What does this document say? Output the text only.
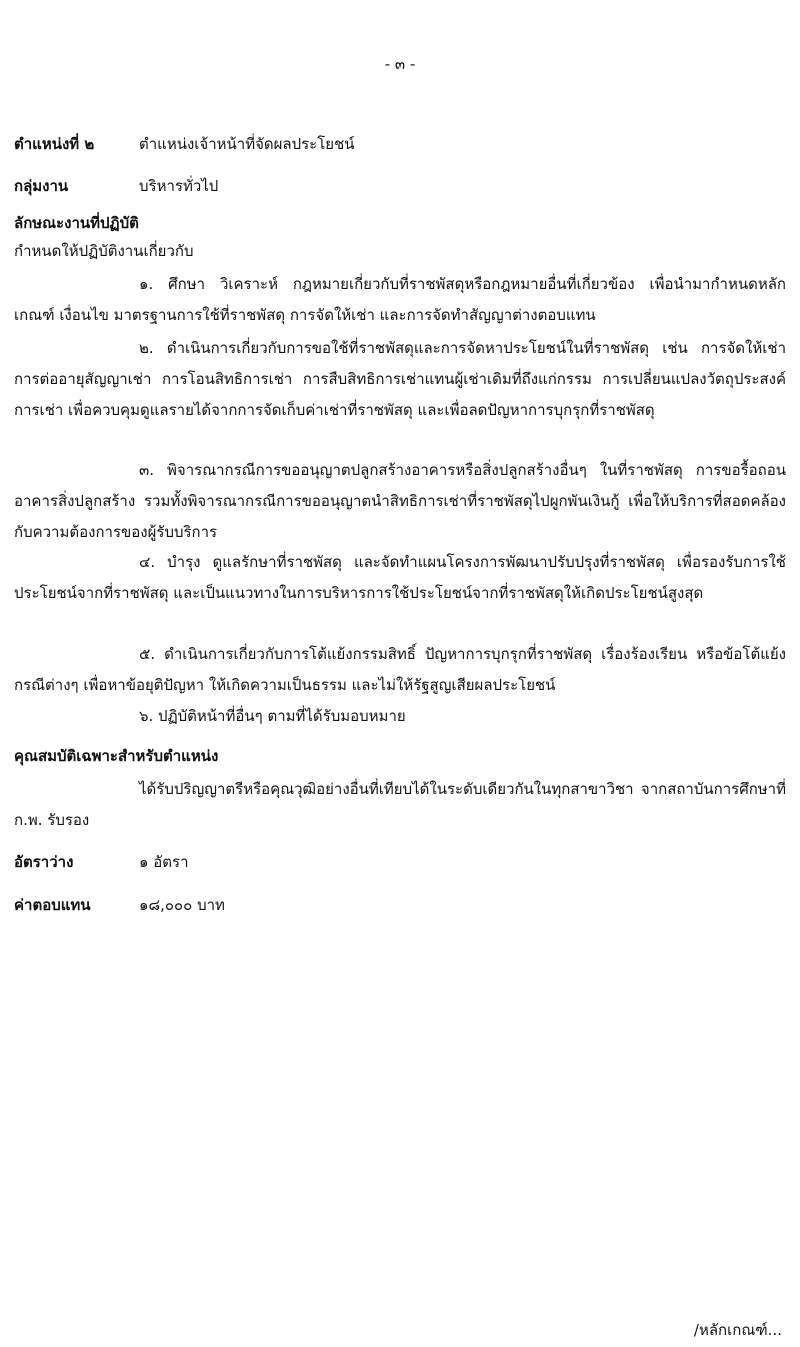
- ๓ -
ตำแหน่งที่ ๒	ตำแหน่งเจ้าหน้าที่จัดผลประโยชน์
กลุ่มงาน	บริหารทั่วไป
ลักษณะงานที่ปฏิบัติ
กำหนดให้ปฏิบัติงานเกี่ยวกับ
๑. ศึกษา วิเคราะห์ กฎหมายเกี่ยวกับที่ราชพัสดุหรือกฎหมายอื่นที่เกี่ยวข้อง เพื่อนำมากำหนดหลักเกณฑ์ เงื่อนไข มาตรฐานการใช้ที่ราชพัสดุ การจัดให้เช่า และการจัดทำสัญญาต่างตอบแทน
๒. ดำเนินการเกี่ยวกับการขอใช้ที่ราชพัสดุและการจัดหาประโยชน์ในที่ราชพัสดุ เช่น การจัดให้เช่า การต่ออายุสัญญาเช่า การโอนสิทธิการเช่า การสืบสิทธิการเช่าแทนผู้เช่าเดิมที่ถึงแก่กรรม การเปลี่ยนแปลงวัตถุประสงค์การเช่า เพื่อควบคุมดูแลรายได้จากการจัดเก็บค่าเช่าที่ราชพัสดุ และเพื่อลดปัญหาการบุกรุกที่ราชพัสดุ
๓. พิจารณากรณีการขออนุญาตปลูกสร้างอาคารหรือสิ่งปลูกสร้างอื่นๆ ในที่ราชพัสดุ การขอรื้อถอนอาคารสิ่งปลูกสร้าง รวมทั้งพิจารณากรณีการขออนุญาตนำสิทธิการเช่าที่ราชพัสดุไปผูกพันเงินกู้ เพื่อให้บริการที่สอดคล้องกับความต้องการของผู้รับบริการ
๔. บำรุง ดูแลรักษาที่ราชพัสดุ และจัดทำแผนโครงการพัฒนาปรับปรุงที่ราชพัสดุ เพื่อรองรับการใช้ประโยชน์จากที่ราชพัสดุ และเป็นแนวทางในการบริหารการใช้ประโยชน์จากที่ราชพัสดุให้เกิดประโยชน์สูงสุด
๕. ดำเนินการเกี่ยวกับการโต้แย้งกรรมสิทธิ์ ปัญหาการบุกรุกที่ราชพัสดุ เรื่องร้องเรียน หรือข้อโต้แย้งกรณีต่างๆ เพื่อหาข้อยุติปัญหา ให้เกิดความเป็นธรรม และไม่ให้รัฐสูญเสียผลประโยชน์
๖. ปฏิบัติหน้าที่อื่นๆ ตามที่ได้รับมอบหมาย
คุณสมบัติเฉพาะสำหรับตำแหน่ง
ได้รับปริญญาตรีหรือคุณวุฒิอย่างอื่นที่เทียบได้ในระดับเดียวกันในทุกสาขาวิชา จากสถาบันการศึกษาที่ ก.พ. รับรอง
อัตราว่าง	๑ อัตรา
ค่าตอบแทน	๑๘,๐๐๐ บาท
/หลักเกณฑ์...
